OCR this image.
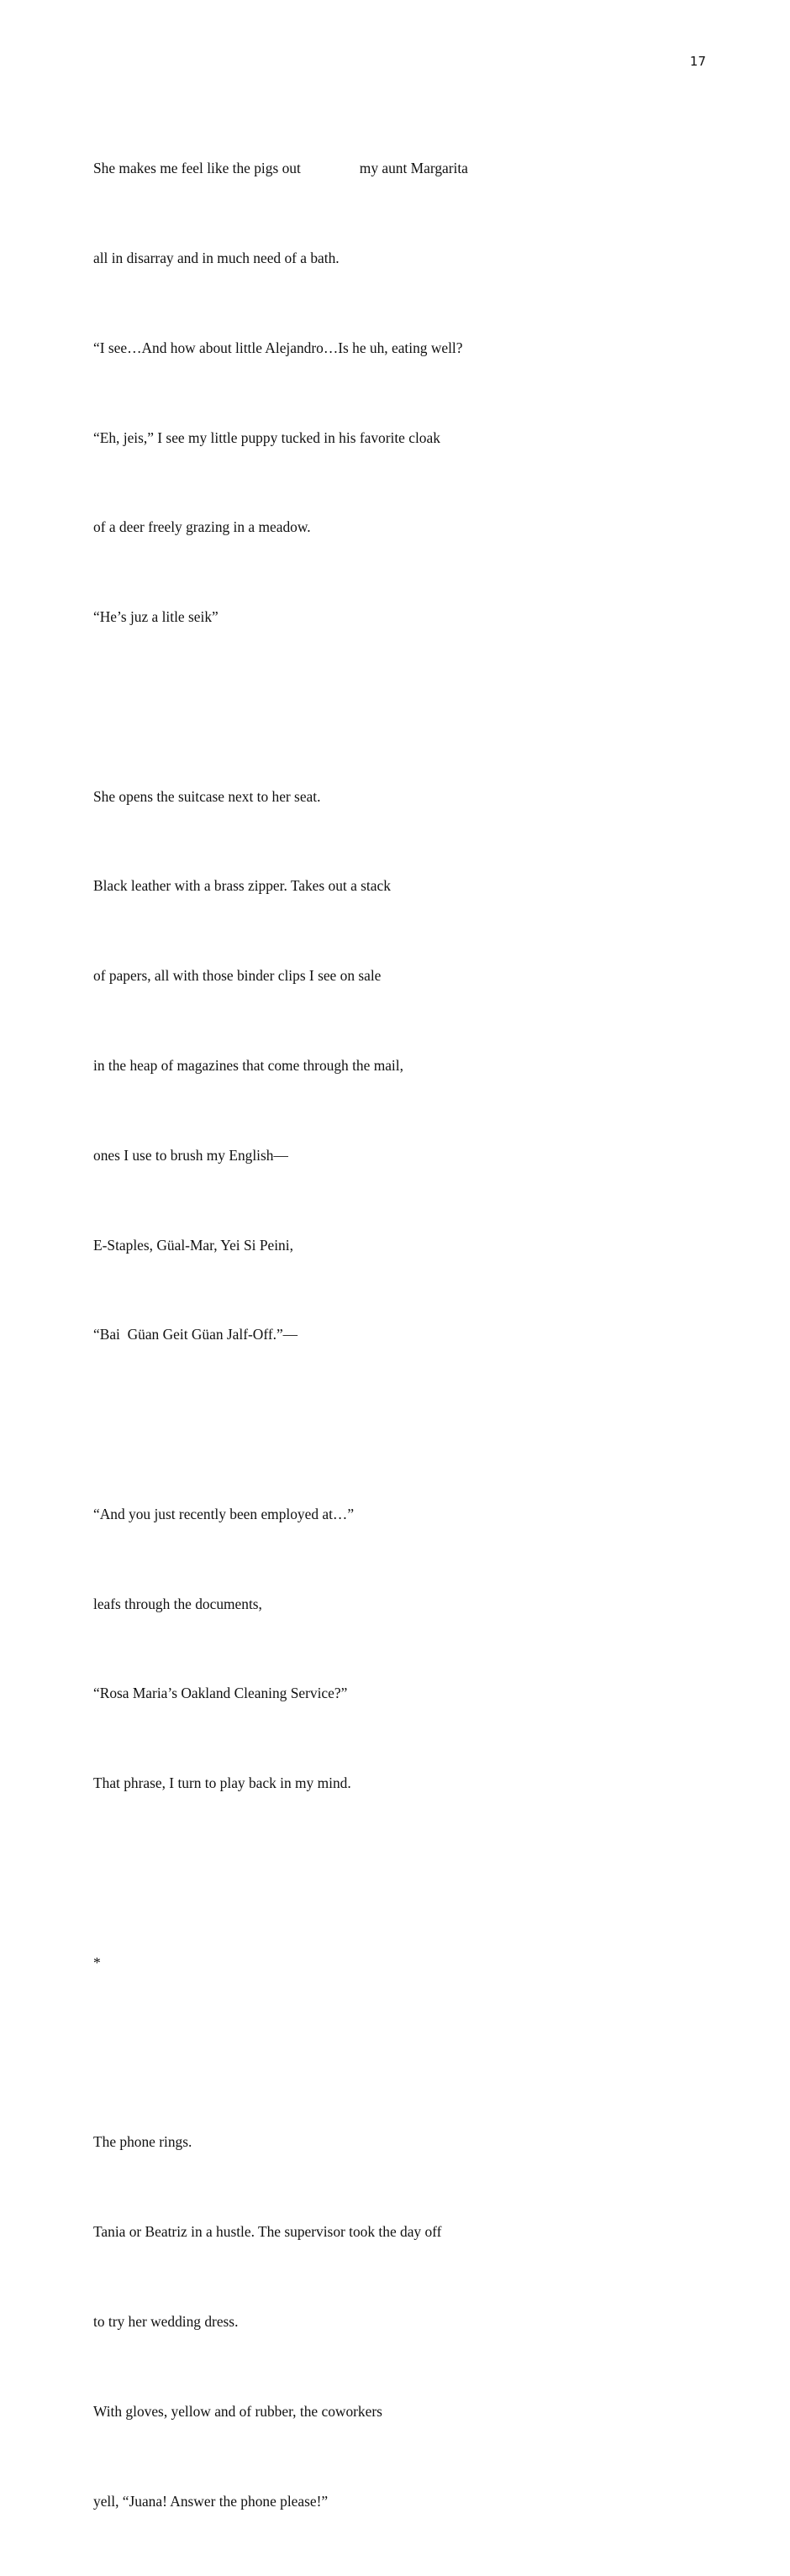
17

She makes me feel like the pigs out	my aunt Margarita

all in disarray and in much need of a bath.

“I see…And how about little Alejandro…Is he uh, eating well?

“Eh, jeis,” I see my little puppy tucked in his favorite cloak

of a deer freely grazing in a meadow.

“He’s juz a litle seik”

She opens the suitcase next to her seat.

Black leather with a brass zipper. Takes out a stack

of papers, all with those binder clips I see on sale

in the heap of magazines that come through the mail,

ones I use to brush my English—

E-Staples, Güal-Mar, Yei Si Peini,

“Bai  Güan Geit Güan Jalf-Off.”—

“And you just recently been employed at…”

leafs through the documents,

“Rosa Maria’s Oakland Cleaning Service?”

That phrase, I turn to play back in my mind.

*

The phone rings.

Tania or Beatriz in a hustle. The supervisor took the day off

to try her wedding dress.

With gloves, yellow and of rubber, the coworkers

yell, “Juana! Answer the phone please!”
